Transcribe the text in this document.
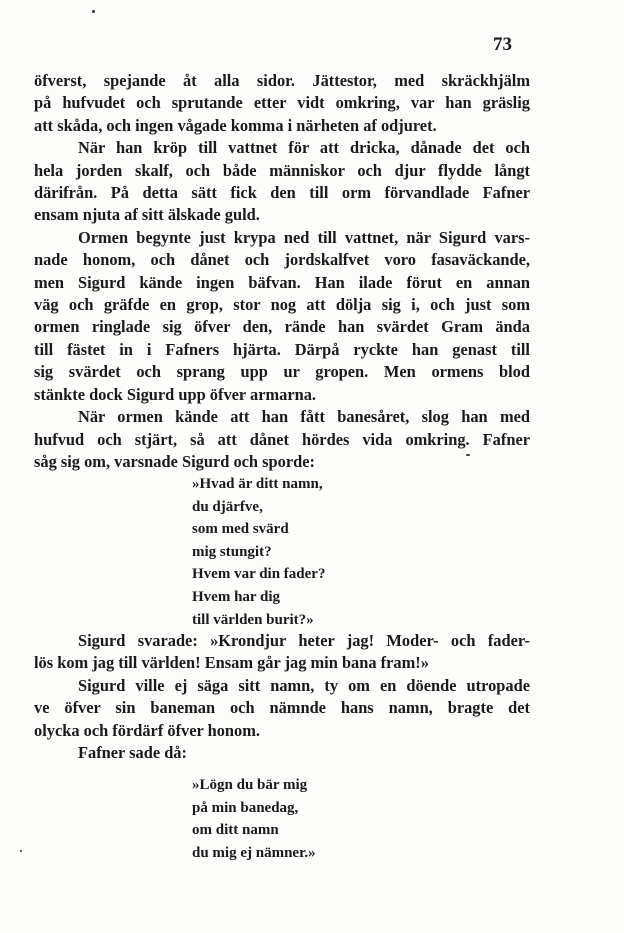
73
öfverst, spejande åt alla sidor. Jättestor, med skräckhjälm
på hufvudet och sprutande etter vidt omkring, var han gräslig
att skåda, och ingen vågade komma i närheten af odjuret.
När han kröp till vattnet för att dricka, dånade det och
hela jorden skalf, och både människor och djur flydde långt
därifrån. På detta sätt fick den till orm förvandlade Fafner
ensam njuta af sitt älskade guld.
Ormen begynte just krypa ned till vattnet, när Sigurd vars-
nade honom, och dånet och jordskalfvet voro fasaväckande,
men Sigurd kände ingen bäfvan. Han ilade förut en annan
väg och gräfde en grop, stor nog att dölja sig i, och just som
ormen ringlade sig öfver den, rände han svärdet Gram ända
till fästet in i Fafners hjärta. Därpå ryckte han genast till
sig svärdet och sprang upp ur gropen. Men ormens blod
stänkte dock Sigurd upp öfver armarna.
När ormen kände att han fått banesåret, slog han med
hufvud och stjärt, så att dånet hördes vida omkring. Fafner
såg sig om, varsnade Sigurd och sporde:
»Hvad är ditt namn,
du djärfve,
som med svärd
mig stungit?
Hvem var din fader?
Hvem har dig
till världen burit?»
Sigurd svarade: »Krondjur heter jag! Moder- och fader-
lös kom jag till världen! Ensam går jag min bana fram!»
Sigurd ville ej säga sitt namn, ty om en döende utropade
ve öfver sin baneman och nämnde hans namn, bragte det
olycka och fördärf öfver honom.
Fafner sade då:
»Lögn du bär mig
på min banedag,
om ditt namn
du mig ej nämner.»
